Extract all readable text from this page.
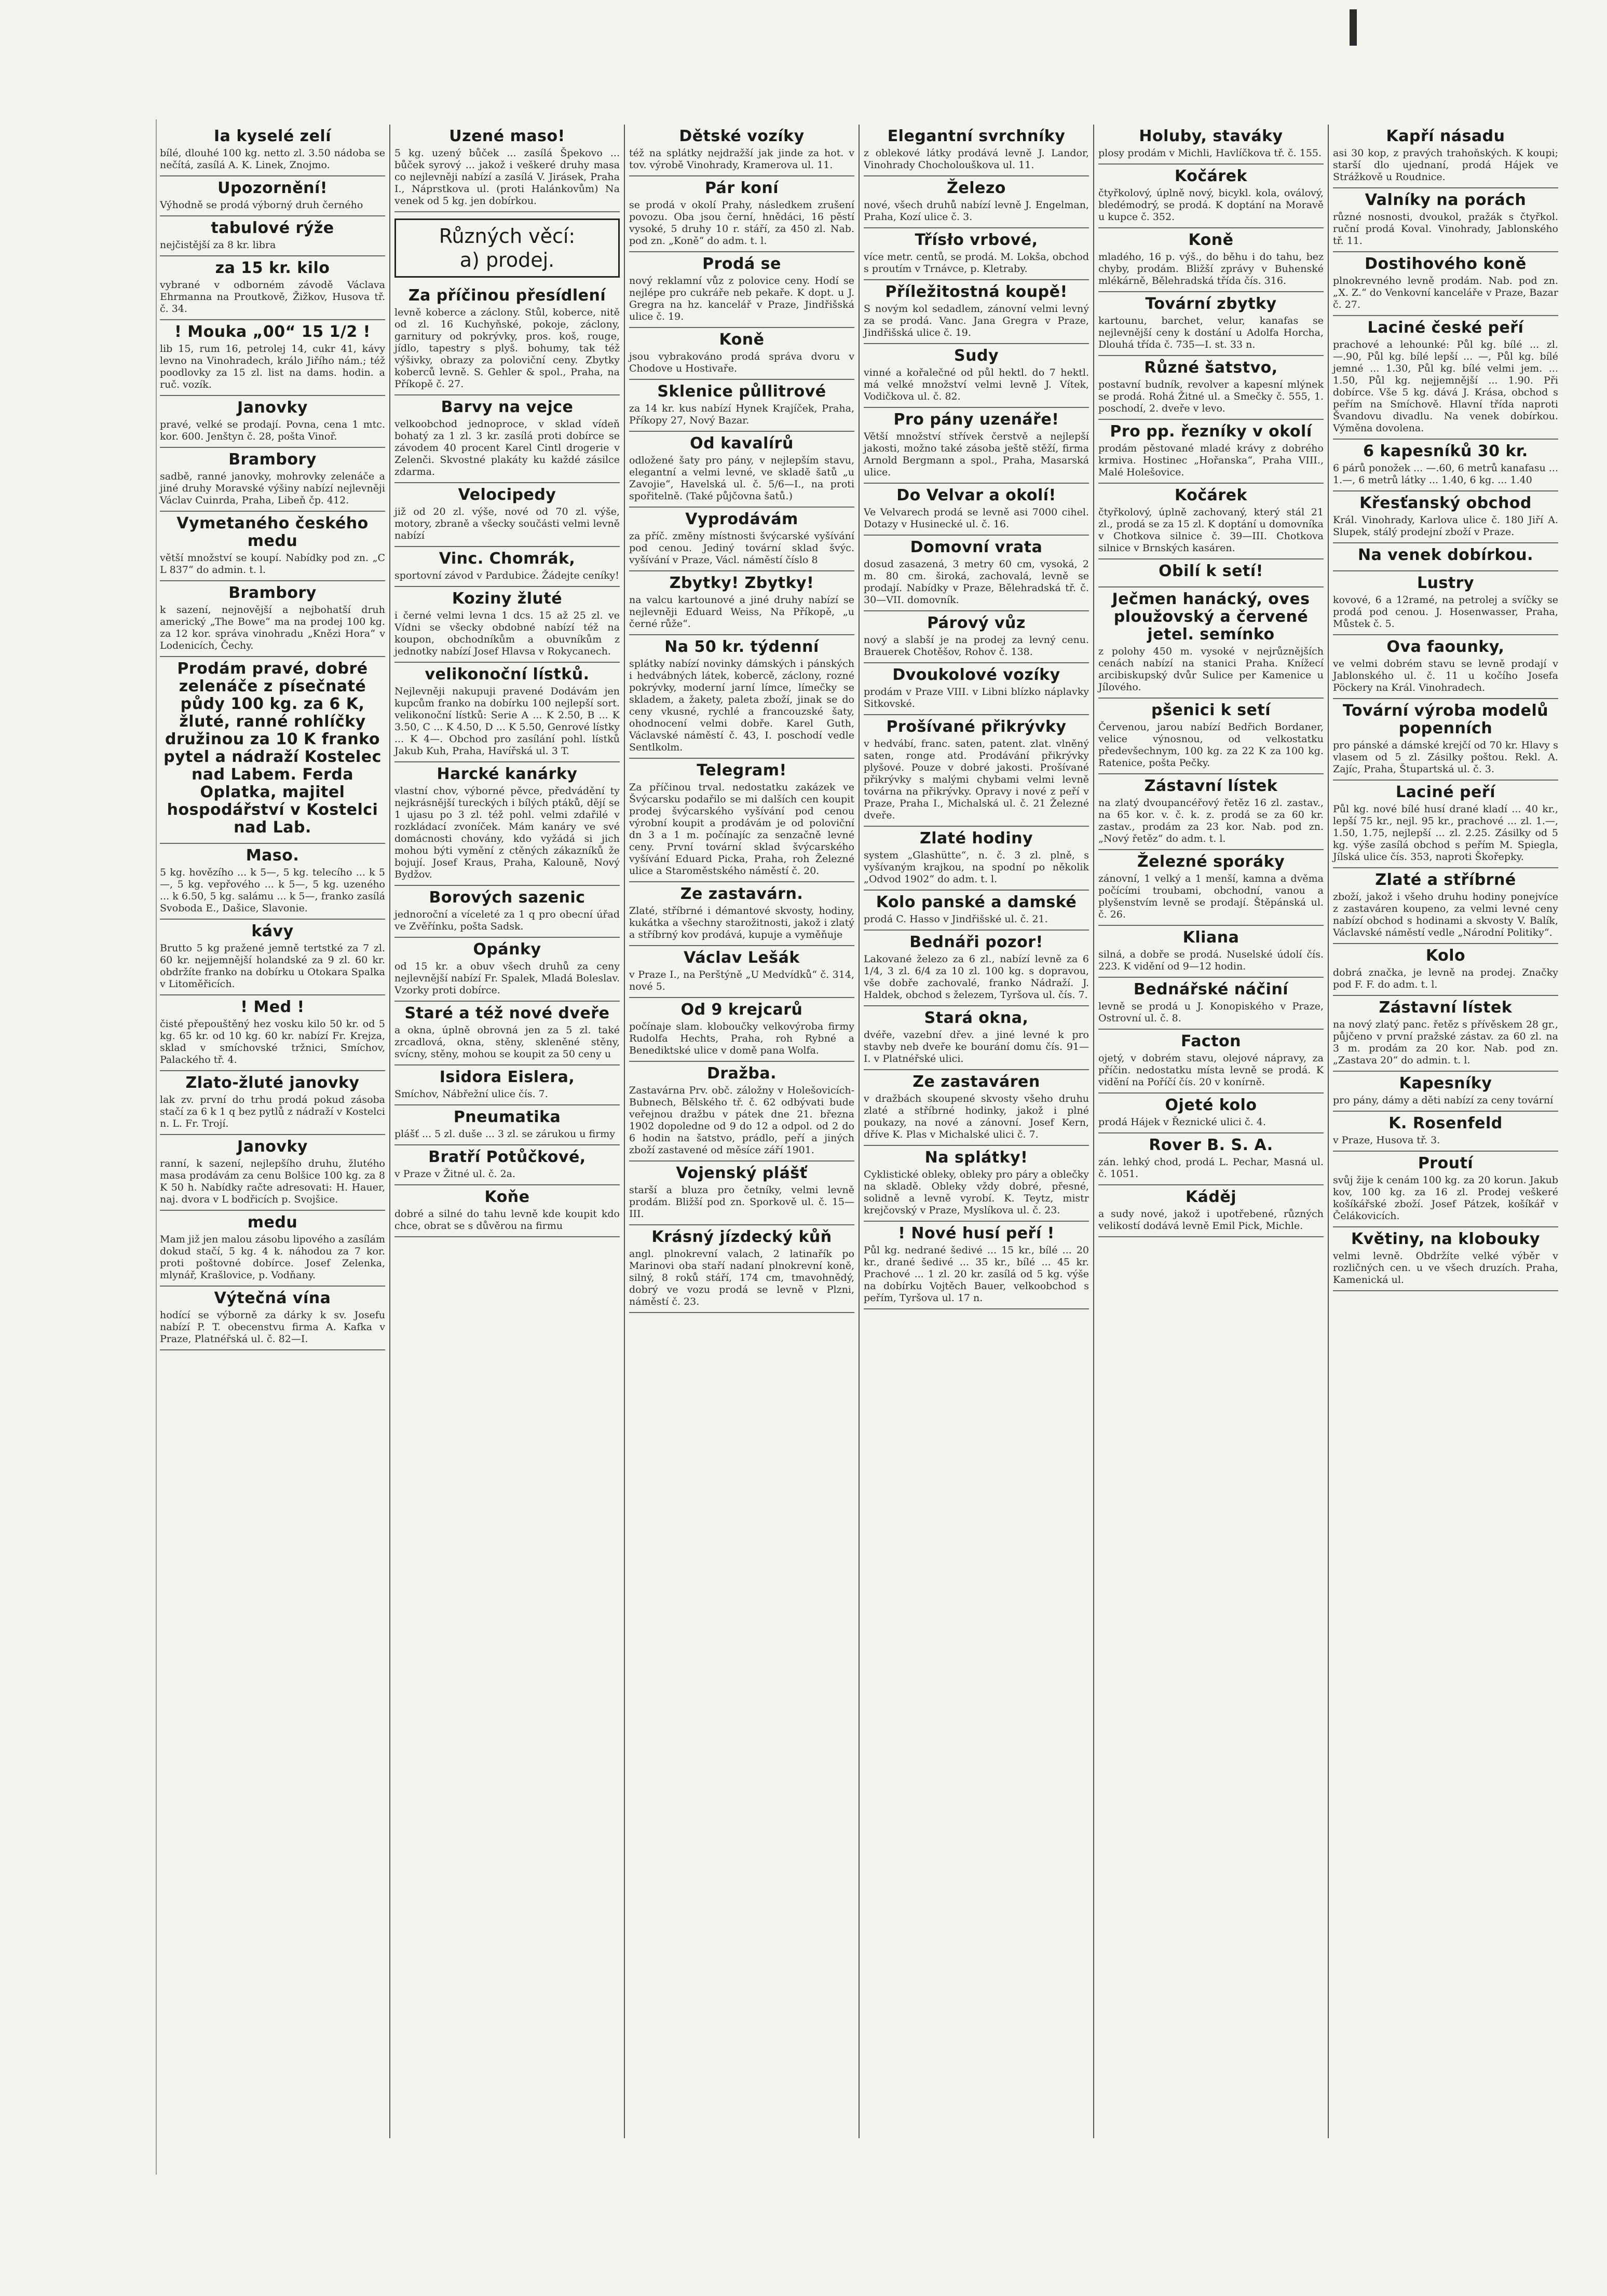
Ia kyselé zelí

bílé, dlouhé 100 kg. netto zl. 3.50 nádoba se nečítá, zasílá A. K. Linek, Znojmo.

Upozornění!

Výhodně se prodá výborný druh černého

tabulové rýže

nejčistější za 8 kr. libra

za 15 kr. kilo

vybrané v odborném závodě Václava Ehrmanna na Proutkově, Žižkov, Husova tř. č. 34.

! Mouka „00“ 15 1/2 !

lib 15, rum 16, petrolej 14, cukr 41, kávy levno na Vinohradech, králo Jiřího nám.; též poodlovky za 15 zl. list na dams. hodin. a ruč. vozík.

Janovky

pravé, velké se prodají. Povna, cena 1 mtc. kor. 600. Jenštyn č. 28, pošta Vinoř.

Brambory

sadbě, ranné janovky, mohrovky zelenáče a jiné druhy Moravské výšiny nabízí nejlevněji Václav Cuinrda, Praha, Libeň čp. 412.

Vymetaného českého medu

větší množství se koupí. Nabídky pod zn. „C L 837“ do admin. t. l.

Brambory

k sazení, nejnovější a nejbohatší druh americký „The Bowe“ ma na prodej 100 kg. za 12 kor. správa vinohradu „Knězi Hora“ v Lodenicích, Čechy.

Prodám pravé, dobré zelenáče z písečnaté půdy 100 kg. za 6 K, žluté, ranné rohlíčky družinou za 10 K franko pytel a nádraží Kostelec nad Labem. Ferda Oplatka, majitel hospodářství v Kostelci nad Lab.

Maso.

5 kg. hovězího ... k 5—, 5 kg. telecího ... k 5—, 5 kg. vepřového ... k 5—, 5 kg. uzeného ... k 6.50, 5 kg. salámu ... k 5—, franko zasílá Svoboda E., Dašice, Slavonie.

kávy

Brutto 5 kg pražené jemně tertstké za 7 zl. 60 kr. nejjemnější holandské za 9 zl. 60 kr. obdržíte franko na dobírku u Otokara Spalka v Litoměřicích.

! Med !

čisté přepouštěný hez vosku kilo 50 kr. od 5 kg. 65 kr. od 10 kg. 60 kr. nabízí Fr. Krejza, sklad v smíchovské tržnici, Smíchov, Palackého tř. 4.

Zlato-žluté janovky

lak zv. první do trhu prodá pokud zásoba stačí za 6 k 1 q bez pytlů z nádraží v Kostelci n. L. Fr. Trojí.

Janovky

ranní, k sazení, nejlepšího druhu, žlutého masa prodávám za cenu Bolšice 100 kg. za 8 K 50 h. Nabídky račte adresovati: H. Hauer, naj. dvora v L bodřicích p. Svojšice.

medu

Mam již jen malou zásobu lipového a zasílám dokud stačí, 5 kg. 4 k. náhodou za 7 kor. proti poštovné dobírce. Josef Zelenka, mlynář, Krašlovice, p. Vodňany.

Výtečná vína

hodící se výborně za dárky k sv. Josefu nabízí P. T. obecenstvu firma A. Kafka v Praze, Platnéřská ul. č. 82—I.

Uzené maso!

5 kg. uzený bůček ... zasílá Špekovo ... bůček syrový ... jakož i veškeré druhy masa co nejlevněji nabízí a zasílá V. Jirásek, Praha I., Náprstkova ul. (proti Halánkovům) Na venek od 5 kg. jen dobírkou.

Různých věcí:
a) prodej.
Za příčinou přesídlení

levně koberce a záclony. Stůl, koberce, nitě od zl. 16 Kuchyňské, pokoje, záclony, garnitury od pokrývky, pros. koš, rouge, jídlo, tapestry s plyš. bohumy, tak též výšivky, obrazy za poloviční ceny. Zbytky koberců levně. S. Gehler & spol., Praha, na Příkopě č. 27.

Barvy na vejce

velkoobchod jednoproce, v sklad vídeň bohatý za 1 zl. 3 kr. zasílá proti dobírce se závodem 40 procent Karel Cintl drogerie v Zelenči. Skvostné plakáty ku každé zásilce zdarma.

Velocipedy

již od 20 zl. výše, nové od 70 zl. výše, motory, zbraně a všecky součásti velmi levně nabízí

Vinc. Chomrák,

sportovní závod v Pardubice. Žádejte ceníky!

Koziny žluté

i černé velmi levna 1 dcs. 15 až 25 zl. ve Vídni se všecky obdobné nabízí též na koupon, obchodníkům a obuvníkům z jednotky nabízí Josef Hlavsa v Rokycanech.

velikonoční lístků.

Nejlevněji nakupuji pravené Dodávám jen kupcům franko na dobírku 100 nejlepší sort. velikonoční lístků: Serie A ... K 2.50, B ... K 3.50, C ... K 4.50, D ... K 5.50, Genrové lístky ... K 4—. Obchod pro zasílání pohl. lístků Jakub Kuh, Praha, Havířská ul. 3 T.

Harcké kanárky

vlastní chov, výborné pěvce, předvádění ty nejkrásnější tureckých i bílých ptáků, dějí se 1 ujasu po 3 zl. též pohl. velmi zdařilé v rozkládací zvoníček. Mám kanáry ve své domácnosti chovány, kdo vyžádá si jich mohou býti vymění z ctěných zákazníků že bojují. Josef Kraus, Praha, Kalouně, Nový Bydžov.

Borových sazenic

jednoroční a víceleté za 1 q pro obecní úřad ve Zvěřínku, pošta Sadsk.

Opánky

od 15 kr. a obuv všech druhů za ceny nejlevnější nabízí Fr. Spalek, Mladá Boleslav. Vzorky proti dobírce.

Staré a též nové dveře

a okna, úplně obrovná jen za 5 zl. také zrcadlová, okna, stěny, skleněné stěny, svícny, stěny, mohou se koupit za 50 ceny u

Isidora Eislera,

Smíchov, Nábřežní ulice čís. 7.

Pneumatika

plášť ... 5 zl. duše ... 3 zl. se zárukou u firmy

Bratří Potůčkové,

v Praze v Žitné ul. č. 2a.

Koňe

dobré a silné do tahu levně kde koupit kdo chce, obrat se s důvěrou na firmu

Dětské vozíky

též na splátky nejdražší jak jinde za hot. v tov. výrobě Vinohrady, Kramerova ul. 11.

Pár koní

se prodá v okolí Prahy, následkem zrušení povozu. Oba jsou černí, hnědáci, 16 pěstí vysoké, 5 druhy 10 r. stáří, za 450 zl. Nab. pod zn. „Koně“ do adm. t. l.

Prodá se

nový reklamní vůz z polovice ceny. Hodí se nejlépe pro cukráře neb pekaře. K dopt. u J. Gregra na hz. kancelář v Praze, Jindřišská ulice č. 19.

Koně

jsou vybrakováno prodá správa dvoru v Chodove u Hostivaře.

Sklenice půllitrové

za 14 kr. kus nabízí Hynek Krajíček, Praha, Příkopy 27, Nový Bazar.

Od kavalírů

odložené šaty pro pány, v nejlepším stavu, elegantní a velmi levné, ve skladě šatů „u Zavojie“, Havelská ul. č. 5/6—I., na proti spořitelně. (Také půjčovna šatů.)

Vyprodávám

za příč. změny místnosti švýcarské vyšívání pod cenou. Jediný tovární sklad švýc. vyšívání v Praze, Václ. náměstí číslo 8

Zbytky! Zbytky!

na valcu kartounové a jiné druhy nabízí se nejlevněji Eduard Weiss, Na Příkopě, „u černé růže“.

Na 50 kr. týdenní

splátky nabízí novinky dámských i pánských i hedvábných látek, kobercě, záclony, rozné pokrývky, moderní jarní límce, límečky se skladem, a žakety, paleta zboží, jinak se do ceny vkusné, rychlé a francouzské šaty, ohodnocení velmi dobře. Karel Guth, Václavské náměstí č. 43, I. poschodí vedle Sentlkolm.

Telegram!

Za příčinou trval. nedostatku zakázek ve Švýcarsku podařilo se mi dalších cen koupit prodej švýcarského vyšívání pod cenou výrobní koupit a prodávám je od poloviční dn 3 a 1 m. počínajíc za senzačně levné ceny. První tovární sklad švýcarského vyšívání Eduard Picka, Praha, roh Železné ulice a Staroměstského náměstí č. 20.

Ze zastavárn.

Zlaté, stříbrné i démantové skvosty, hodiny, kukátka a všechny starožitnosti, jakož i zlatý a stříbrný kov prodává, kupuje a vyměňuje

Václav Lešák

v Praze I., na Perštýně „U Medvídků“ č. 314, nové 5.

Od 9 krejcarů

počínaje slam. kloboučky velkovýroba firmy Rudolfa Hechts, Praha, roh Rybné a Benediktské ulice v domě pana Wolfa.

Dražba.

Zastavárna Prv. obč. záložny v Holešovicích-Bubnech, Bělského tř. č. 62 odbývati bude veřejnou dražbu v pátek dne 21. března 1902 dopoledne od 9 do 12 a odpol. od 2 do 6 hodin na šatstvo, prádlo, peří a jiných zboží zastavené od měsíce září 1901.

Vojenský plášť

starší a bluza pro četníky, velmi levně prodám. Bližší pod zn. Sporkově ul. č. 15—III.

Krásný jízdecký kůň

angl. plnokrevní valach, 2 latinařík po Marinovi oba staří nadaní plnokrevní koně, silný, 8 roků stáří, 174 cm, tmavohnědý, dobrý ve vozu prodá se levně v Plzni, náměstí č. 23.

Elegantní svrchníky

z oblekové látky prodává levně J. Landor, Vinohrady Chocholouškova ul. 11.

Železo

nové, všech druhů nabízí levně J. Engelman, Praha, Kozí ulice č. 3.

Třísło vrbové,

více metr. centů, se prodá. M. Lokša, obchod s proutím v Trnávce, p. Kletraby.

Příležitostná koupě!

S novým kol sedadlem, zánovní velmi levný za se prodá. Vanc. Jana Gregra v Praze, Jindřišská ulice č. 19.

Sudy

vinné a kořalečné od půl hektl. do 7 hektl. má velké množství velmi levně J. Vítek, Vodičkova ul. č. 82.

Pro pány uzenáře!

Větší množství střívek čerstvě a nejlepší jakosti, možno také zásoba ještě stěží, firma Arnold Bergmann a spol., Praha, Masarská ulice.

Do Velvar a okolí!

Ve Velvarech prodá se levně asi 7000 cihel. Dotazy v Husinecké ul. č. 16.

Domovní vrata

dosud zasazená, 3 metry 60 cm, vysoká, 2 m. 80 cm. široká, zachovalá, levně se prodají. Nabídky v Praze, Bělehradská tř. č. 30—VII. domovník.

Párový vůz

nový a slabší je na prodej za levný cenu. Brauerek Chotěšov, Rohov č. 138.

Dvoukolové vozíky

prodám v Praze VIII. v Libni blízko náplavky Sitkovské.

Prošívané přikrývky

v hedvábí, franc. saten, patent. zlat. vlněný saten, ronge atd. Prodávání přikrývky plyšové. Pouze v dobré jakosti. Prošívané přikrývky s malými chybami velmi levně továrna na přikrývky. Opravy i nové z peří v Praze, Praha I., Michalská ul. č. 21 Železné dveře.

Zlaté hodiny

system „Glashütte“, n. č. 3 zl. plně, s vyšívaným krajkou, na spodní po několik „Odvod 1902“ do adm. t. l.

Kolo panské a damské

prodá C. Hasso v Jindřišské ul. č. 21.

Bednáři pozor!

Lakované železo za 6 zl., nabízí levně za 6 1/4, 3 zl. 6/4 za 10 zl. 100 kg. s dopravou, vše dobře zachovalé, franko Nádraží. J. Haldek, obchod s železem, Tyršova ul. čís. 7.

Stará okna,

dvéře, vazební dřev. a jiné levné k pro stavby neb dveře ke bourání domu čís. 91—I. v Platnéřské ulici.

Ze zastaváren

v dražbách skoupené skvosty všeho druhu zlaté a stříbrné hodinky, jakož i plné poukazy, na nové a zánovní. Josef Kern, dříve K. Plas v Michalské ulici č. 7.

Na splátky!

Cyklistické obleky, obleky pro páry a oblečky na skladě. Obleky vždy dobré, přesné, solidně a levně vyrobí. K. Teytz, mistr krejčovský v Praze, Myslíkova ul. č. 23.

! Nové husí peří !

Půl kg. nedrané šedivé ... 15 kr., bílé ... 20 kr., drané šedivé ... 35 kr., bílé ... 45 kr. Prachové ... 1 zl. 20 kr. zasílá od 5 kg. výše na dobírku Vojtěch Bauer, velkoobchod s peřím, Tyršova ul. 17 n.

Holuby, staváky

plosy prodám v Michli, Havlíčkova tř. č. 155.

Kočárek

čtyřkolový, úplně nový, bicykl. kola, oválový, bledémodrý, se prodá. K doptání na Moravě u kupce č. 352.

Koně

mladého, 16 p. výš., do běhu i do tahu, bez chyby, prodám. Bližší zprávy v Buhenské mlékárně, Bělehradská třída čís. 316.

Tovární zbytky

kartounu, barchet, velur, kanafas se nejlevnější ceny k dostání u Adolfa Horcha, Dlouhá třída č. 735—I. st. 33 n.

Různé šatstvo,

postavní budník, revolver a kapesní mlýnek se prodá. Rohá Žitné ul. a Smečky č. 555, 1. poschodí, 2. dveře v levo.

Pro pp. řezníky v okolí

prodám pěstované mladé krávy z dobrého krmiva. Hostinec „Hořanska“, Praha VIII., Malé Holešovice.

Kočárek

čtyřkolový, úplně zachovaný, který stál 21 zl., prodá se za 15 zl. K doptání u domovníka v Chotkova silnice č. 39—III. Chotkova silnice v Brnských kasáren.

Obilí k setí!

Ječmen hanácký, oves ploužovský a červené jetel. semínko

z polohy 450 m. vysoké v nejrůznějších cenách nabízí na stanici Praha. Knížecí arcibiskupský dvůr Sulice per Kamenice u Jílového.

pšenici k setí

Červenou, jarou nabízí Bedřich Bordaner, velice výnosnou, od velkostatku předevšechnym, 100 kg. za 22 K za 100 kg. Ratenice, pošta Pečky.

Zástavní lístek

na zlatý dvoupancéřový řetěz 16 zl. zastav., na 65 kor. v. č. k. z. prodá se za 60 kr. zastav., prodám za 23 kor. Nab. pod zn. „Nový řetěz“ do adm. t. l.

Železné sporáky

zánovní, 1 velký a 1 menší, kamna a dvěma počícími troubami, obchodní, vanou a plyšenstvím levně se prodají. Štěpánská ul. č. 26.

Kliana

silná, a dobře se prodá. Nuselské údolí čís. 223. K vidění od 9—12 hodin.

Bednářské náčiní

levně se prodá u J. Konopiského v Praze, Ostrovní ul. č. 8.

Facton

ojetý, v dobrém stavu, olejové nápravy, za příčin. nedostatku místa levně se prodá. K vidění na Poříčí čís. 20 v konírně.

Ojeté kolo

prodá Hájek v Řeznické ulici č. 4.

Rover B. S. A.

zán. lehký chod, prodá L. Pechar, Masná ul. č. 1051.

Káděj

a sudy nové, jakož i upotřebené, různých velikostí dodává levně Emil Pick, Michle.

Kapří násadu

asi 30 kop, z pravých trahoňských. K koupi; starší dlo ujednaní, prodá Hájek ve Strážkově u Roudnice.

Valníky na porách

různé nosnosti, dvoukol, pražák s čtyřkol. ruční prodá Koval. Vinohrady, Jablonského tř. 11.

Dostihového koně

plnokrevného levně prodám. Nab. pod zn. „X. Z.“ do Venkovní kanceláře v Praze, Bazar č. 27.

Laciné české peří

prachové a lehounké: Půl kg. bílé ... zl. —.90, Půl kg. bílé lepší ... —, Půl kg. bílé jemné ... 1.30, Půl kg. bílé velmi jem. ... 1.50, Půl kg. nejjemnější ... 1.90. Při dobírce. Vše 5 kg. dává J. Krása, obchod s peřím na Smíchově. Hlavní třída naproti Švandovu divadlu. Na venek dobírkou. Výměna dovolena.

6 kapesníků 30 kr.

6 párů ponožek ... —.60, 6 metrů kanafasu ... 1.—, 6 metrů látky ... 1.40, 6 kg. ... 1.40

Křesťanský obchod

Král. Vinohrady, Karlova ulice č. 180 Jiří A. Slupek, stálý prodejní zboží v Praze.

Na venek dobírkou.

Lustry

kovové, 6 a 12ramé, na petrolej a svíčky se prodá pod cenou. J. Hosenwasser, Praha, Můstek č. 5.

Ova faounky,

ve velmi dobrém stavu se levně prodají v Jablonského ul. č. 11 u kočího Josefa Pöckery na Král. Vinohradech.

Tovární výroba modelů popenních

pro pánské a dámské krejčí od 70 kr. Hlavy s vlasem od 5 zl. Zásilky poštou. Rekl. A. Zajíc, Praha, Štupartská ul. č. 3.

Laciné peří

Půl kg. nové bílé husí drané kladí ... 40 kr., lepší 75 kr., nejl. 95 kr., prachové ... zl. 1.—, 1.50, 1.75, nejlepší ... zl. 2.25. Zásilky od 5 kg. výše zasílá obchod s peřím M. Spiegla, Jílská ulice čís. 353, naproti Škořepky.

Zlaté a stříbrné

zboží, jakož i všeho druhu hodiny ponejvíce z zastaváren koupeno, za velmi levné ceny nabízí obchod s hodinami a skvosty V. Balík, Václavské náměstí vedle „Národní Politiky“.

Kolo

dobrá značka, je levně na prodej. Značky pod F. F. do adm. t. l.

Zástavní lístek

na nový zlatý panc. řetěz s přívěskem 28 gr., půjčeno v první pražské zástav. za 60 zl. na 3 m. prodám za 20 kor. Nab. pod zn. „Zastava 20“ do admin. t. l.

Kapesníky

pro pány, dámy a děti nabízí za ceny tovární

K. Rosenfeld

v Praze, Husova tř. 3.

Proutí

svůj žije k cenám 100 kg. za 20 korun. Jakub kov, 100 kg. za 16 zl. Prodej veškeré košíkářské zboží. Josef Pátzek, košíkář v Čelákovicích.

Květiny, na klobouky

velmi levně. Obdržíte velké výběr v rozličných cen. u ve všech druzích. Praha, Kamenická ul.
